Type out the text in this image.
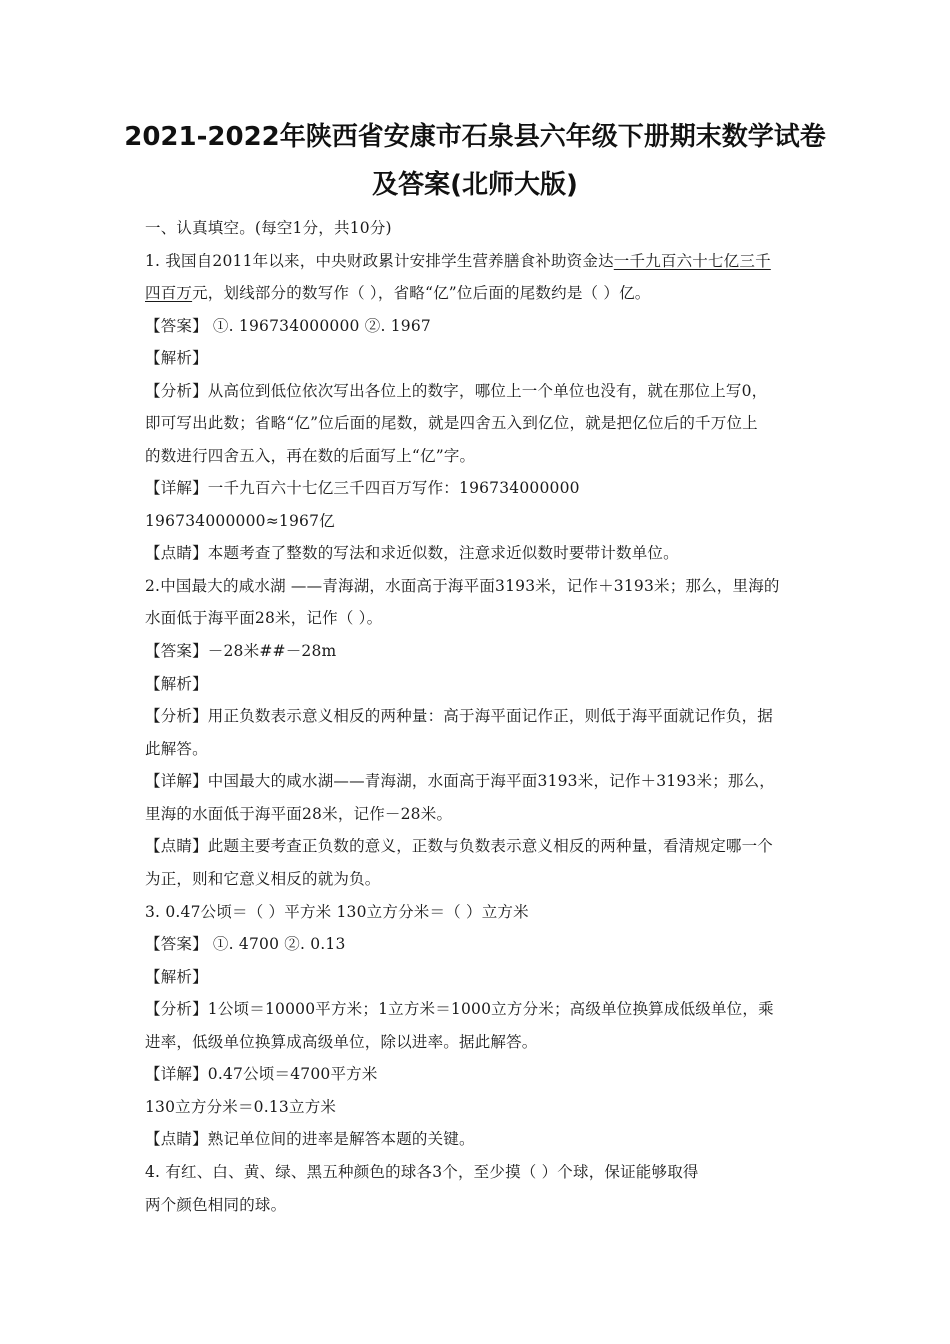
2021-2022年陕西省安康市石泉县六年级下册期末数学试卷
及答案(北师大版)
一、认真填空。(每空1分，共10分)
1. 我国自2011年以来，中央财政累计安排学生营养膳食补助资金达一千九百六十七亿三千
四百万元，划线部分的数写作（ ），省略“亿”位后面的尾数约是（ ）亿。
【答案】 ①. 196734000000 ②. 1967
【解析】
【分析】从高位到低位依次写出各位上的数字，哪位上一个单位也没有，就在那位上写0，
即可写出此数；省略“亿”位后面的尾数，就是四舍五入到亿位，就是把亿位后的千万位上
的数进行四舍五入，再在数的后面写上“亿”字。
【详解】一千九百六十七亿三千四百万写作：196734000000
196734000000≈1967亿
【点睛】本题考查了整数的写法和求近似数，注意求近似数时要带计数单位。
2.中国最大的咸水湖 ——青海湖，水面高于海平面3193米，记作＋3193米；那么，里海的
水面低于海平面28米，记作（ ）。
【答案】－28米##－28m
【解析】
【分析】用正负数表示意义相反的两种量：高于海平面记作正，则低于海平面就记作负，据
此解答。
【详解】中国最大的咸水湖——青海湖，水面高于海平面3193米，记作＋3193米；那么，
里海的水面低于海平面28米，记作－28米。
【点睛】此题主要考查正负数的意义，正数与负数表示意义相反的两种量，看清规定哪一个
为正，则和它意义相反的就为负。
3. 0.47公顷＝（ ）平方米 130立方分米＝（ ）立方米
【答案】 ①. 4700 ②. 0.13
【解析】
【分析】1公顷＝10000平方米；1立方米＝1000立方分米；高级单位换算成低级单位，乘
进率，低级单位换算成高级单位，除以进率。据此解答。
【详解】0.47公顷＝4700平方米
130立方分米＝0.13立方米
【点睛】熟记单位间的进率是解答本题的关键。
4. 有红、白、黄、绿、黑五种颜色的球各3个，至少摸（ ）个球，保证能够取得
两个颜色相同的球。
